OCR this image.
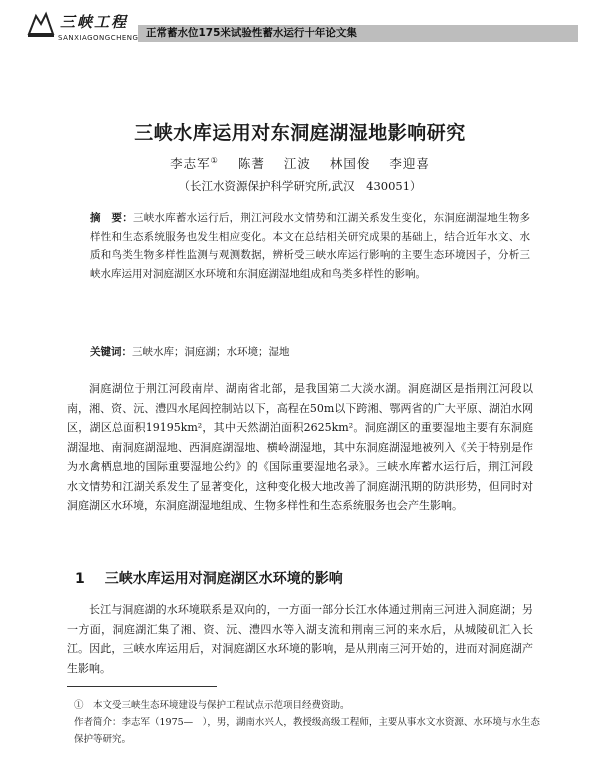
三峡工程
SANXIAGONGCHENG 正常蓄水位175米试验性蓄水运行十年论文集
三峡水库运用对东洞庭湖湿地影响研究
李志军① 陈蓍 江波 林国俊 李迎喜
（长江水资源保护科学研究所,武汉　430051）
摘　要：三峡水库蓄水运行后，荆江河段水文情势和江湖关系发生变化，东洞庭湖湿地生物多样性和生态系统服务也发生相应变化。本文在总结相关研究成果的基础上，结合近年水文、水质和鸟类生物多样性监测与观测数据，辨析受三峡水库运行影响的主要生态环境因子，分析三峡水库运用对洞庭湖区水环境和东洞庭湖湿地组成和鸟类多样性的影响。
关键词：三峡水库；洞庭湖；水环境；湿地
洞庭湖位于荆江河段南岸、湖南省北部，是我国第二大淡水湖。洞庭湖区是指荆江河段以南，湘、资、沅、澧四水尾闾控制站以下，高程在50m以下跨湘、鄂两省的广大平原、湖泊水网区，湖区总面积19195km²，其中天然湖泊面积2625km²。洞庭湖区的重要湿地主要有东洞庭湖湿地、南洞庭湖湿地、西洞庭湖湿地、横岭湖湿地，其中东洞庭湖湿地被列入《关于特别是作为水禽栖息地的国际重要湿地公约》的《国际重要湿地名录》。三峡水库蓄水运行后，荆江河段水文情势和江湖关系发生了显著变化，这种变化极大地改善了洞庭湖汛期的防洪形势，但同时对洞庭湖区水环境，东洞庭湖湿地组成、生物多样性和生态系统服务也会产生影响。
1 三峡水库运用对洞庭湖区水环境的影响
长江与洞庭湖的水环境联系是双向的，一方面一部分长江水体通过荆南三河进入洞庭湖；另一方面，洞庭湖汇集了湘、资、沅、澧四水等入湖支流和荆南三河的来水后，从城陵矶汇入长江。因此，三峡水库运用后，对洞庭湖区水环境的影响，是从荆南三河开始的，进而对洞庭湖产生影响。

①　本文受三峡生态环境建设与保护工程试点示范项目经费资助。

作者简介：李志军（1975—　），男，湖南水兴人，教授级高级工程师，主要从事水文水资源、水环境与水生态保护等研究。
